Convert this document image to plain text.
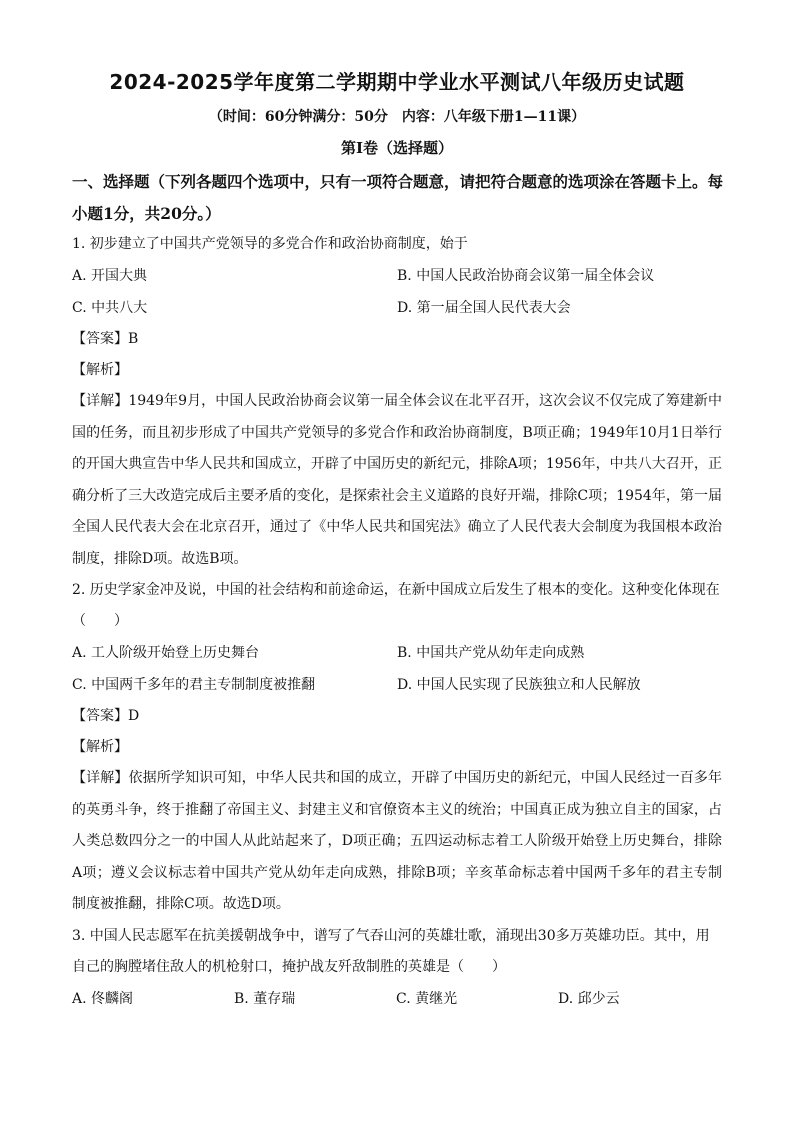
2024-2025学年度第二学期期中学业水平测试八年级历史试题
（时间：60分钟满分：50分　内容：八年级下册1—11课）
第Ⅰ卷（选择题）
一、选择题（下列各题四个选项中，只有一项符合题意，请把符合题意的选项涂在答题卡上。每小题1分，共20分。）

1. 初步建立了中国共产党领导的多党合作和政治协商制度，始于

A. 开国大典	B. 中国人民政治协商会议第一届全体会议
C. 中共八大	D. 第一届全国人民代表大会
【答案】B
【解析】

【详解】1949年9月，中国人民政治协商会议第一届全体会议在北平召开，这次会议不仅完成了筹建新中国的任务，而且初步形成了中国共产党领导的多党合作和政治协商制度，B项正确；1949年10月1日举行的开国大典宣告中华人民共和国成立，开辟了中国历史的新纪元，排除A项；1956年，中共八大召开，正确分析了三大改造完成后主要矛盾的变化，是探索社会主义道路的良好开端，排除C项；1954年，第一届全国人民代表大会在北京召开，通过了《中华人民共和国宪法》确立了人民代表大会制度为我国根本政治制度，排除D项。故选B项。

2. 历史学家金冲及说，中国的社会结构和前途命运，在新中国成立后发生了根本的变化。这种变化体现在（　　）

A. 工人阶级开始登上历史舞台	B. 中国共产党从幼年走向成熟
C. 中国两千多年的君主专制制度被推翻	D. 中国人民实现了民族独立和人民解放
【答案】D
【解析】

【详解】依据所学知识可知，中华人民共和国的成立，开辟了中国历史的新纪元，中国人民经过一百多年的英勇斗争，终于推翻了帝国主义、封建主义和官僚资本主义的统治；中国真正成为独立自主的国家，占人类总数四分之一的中国人从此站起来了，D项正确；五四运动标志着工人阶级开始登上历史舞台，排除A项；遵义会议标志着中国共产党从幼年走向成熟，排除B项；辛亥革命标志着中国两千多年的君主专制制度被推翻，排除C项。故选D项。

3. 中国人民志愿军在抗美援朝战争中，谱写了气吞山河的英雄壮歌，涌现出30多万英雄功臣。其中，用自己的胸膛堵住敌人的机枪射口，掩护战友歼敌制胜的英雄是（　　）

A. 佟麟阁	B. 董存瑞	C. 黄继光	D. 邱少云
